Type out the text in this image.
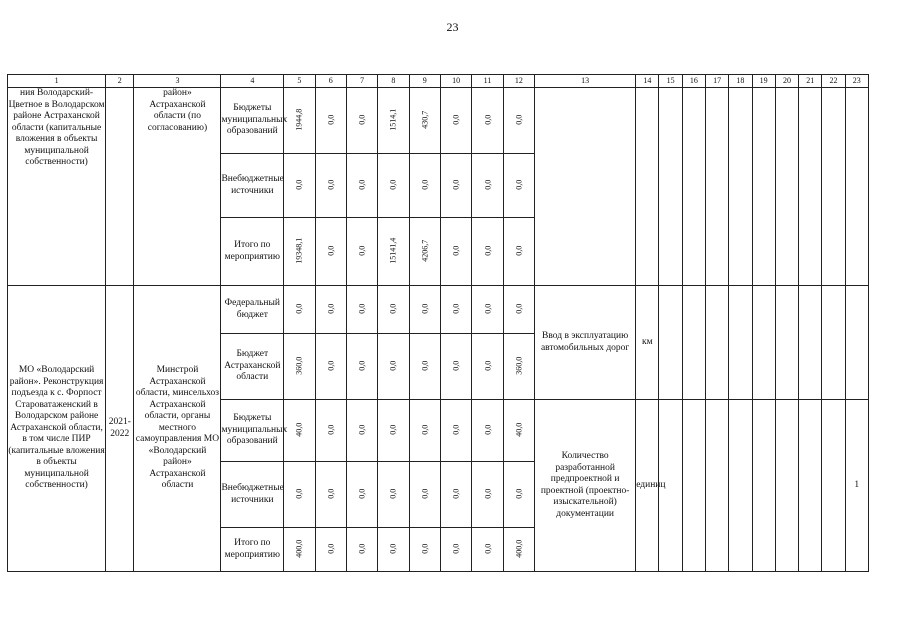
23
1	2	3	4	5	6	7	8	9	10	11	12	13	14	15	16	17	18	19	20	21	22	23
ния Володарский-Цветное в Володарском районе Астраханской области (капитальные вложения в объекты муниципальной собственности)		район» Астраханской области (по согласованию)	Бюджеты муниципальных образований	1944,8	0,0	0,0	1514,1	430,7	0,0	0,0	0,0											
			Внебюджетные источники	0,0	0,0	0,0	0,0	0,0	0,0	0,0	0,0											
			Итого по мероприятию	19348,1	0,0	0,0	15141,4	4206,7	0,0	0,0	0,0											
МО «Володарский район». Реконструкция подъезда к с. Форпост Староватаженский в Володарском районе Астраханской области, в том числе ПИР (капитальные вложения в объекты муниципальной собственности)	2021-2022	Минстрой Астраханской области, минсельхоз Астраханской области, органы местного самоуправления МО «Володарский район» Астраханской области	Федеральный бюджет	0,0	0,0	0,0	0,0	0,0	0,0	0,0	0,0	Ввод в эксплуатацию автомобильных дорог	км									
			Бюджет Астраханской области	360,0	0,0	0,0	0,0	0,0	0,0	0,0	360,0											
			Бюджеты муниципальных образований	40,0	0,0	0,0	0,0	0,0	0,0	0,0	40,0	Количество разработанной предпроектной и проектной (проектно-изыскательной) документации	единиц									1
			Внебюджетные источники	0,0	0,0	0,0	0,0	0,0	0,0	0,0	0,0											
			Итого по мероприятию	400,0	0,0	0,0	0,0	0,0	0,0	0,0	400,0											
